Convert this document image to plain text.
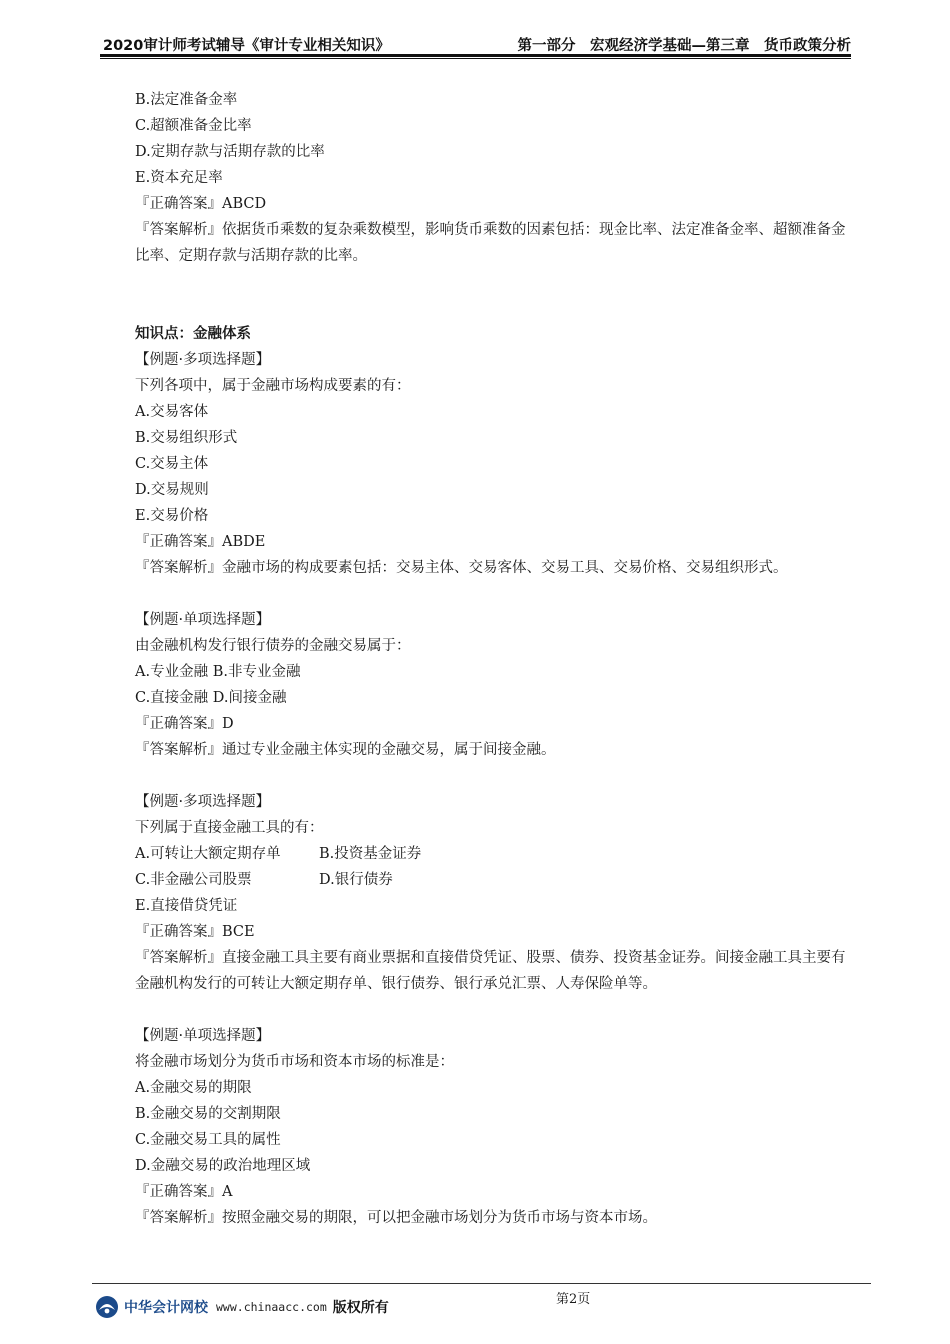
2020审计师考试辅导《审计专业相关知识》	第一部分　宏观经济学基础—第三章　货币政策分析
B.法定准备金率
C.超额准备金比率
D.定期存款与活期存款的比率
E.资本充足率
『正确答案』ABCD
『答案解析』依据货币乘数的复杂乘数模型，影响货币乘数的因素包括：现金比率、法定准备金率、超额准备金比率、定期存款与活期存款的比率。
知识点：金融体系
【例题·多项选择题】
下列各项中，属于金融市场构成要素的有：
A.交易客体
B.交易组织形式
C.交易主体
D.交易规则
E.交易价格
『正确答案』ABDE
『答案解析』金融市场的构成要素包括：交易主体、交易客体、交易工具、交易价格、交易组织形式。
【例题·单项选择题】
由金融机构发行银行债券的金融交易属于：
A.专业金融 B.非专业金融
C.直接金融 D.间接金融
『正确答案』D
『答案解析』通过专业金融主体实现的金融交易，属于间接金融。
【例题·多项选择题】
下列属于直接金融工具的有：
A.可转让大额定期存单	B.投资基金证券
C.非金融公司股票	D.银行债券
E.直接借贷凭证
『正确答案』BCE
『答案解析』直接金融工具主要有商业票据和直接借贷凭证、股票、债券、投资基金证券。间接金融工具主要有金融机构发行的可转让大额定期存单、银行债券、银行承兑汇票、人寿保险单等。
【例题·单项选择题】
将金融市场划分为货币市场和资本市场的标准是：
A.金融交易的期限
B.金融交易的交割期限
C.金融交易工具的属性
D.金融交易的政治地理区域
『正确答案』A
『答案解析』按照金融交易的期限，可以把金融市场划分为货币市场与资本市场。
第2页
中华会计网校 www.chinaacc.com 版权所有
